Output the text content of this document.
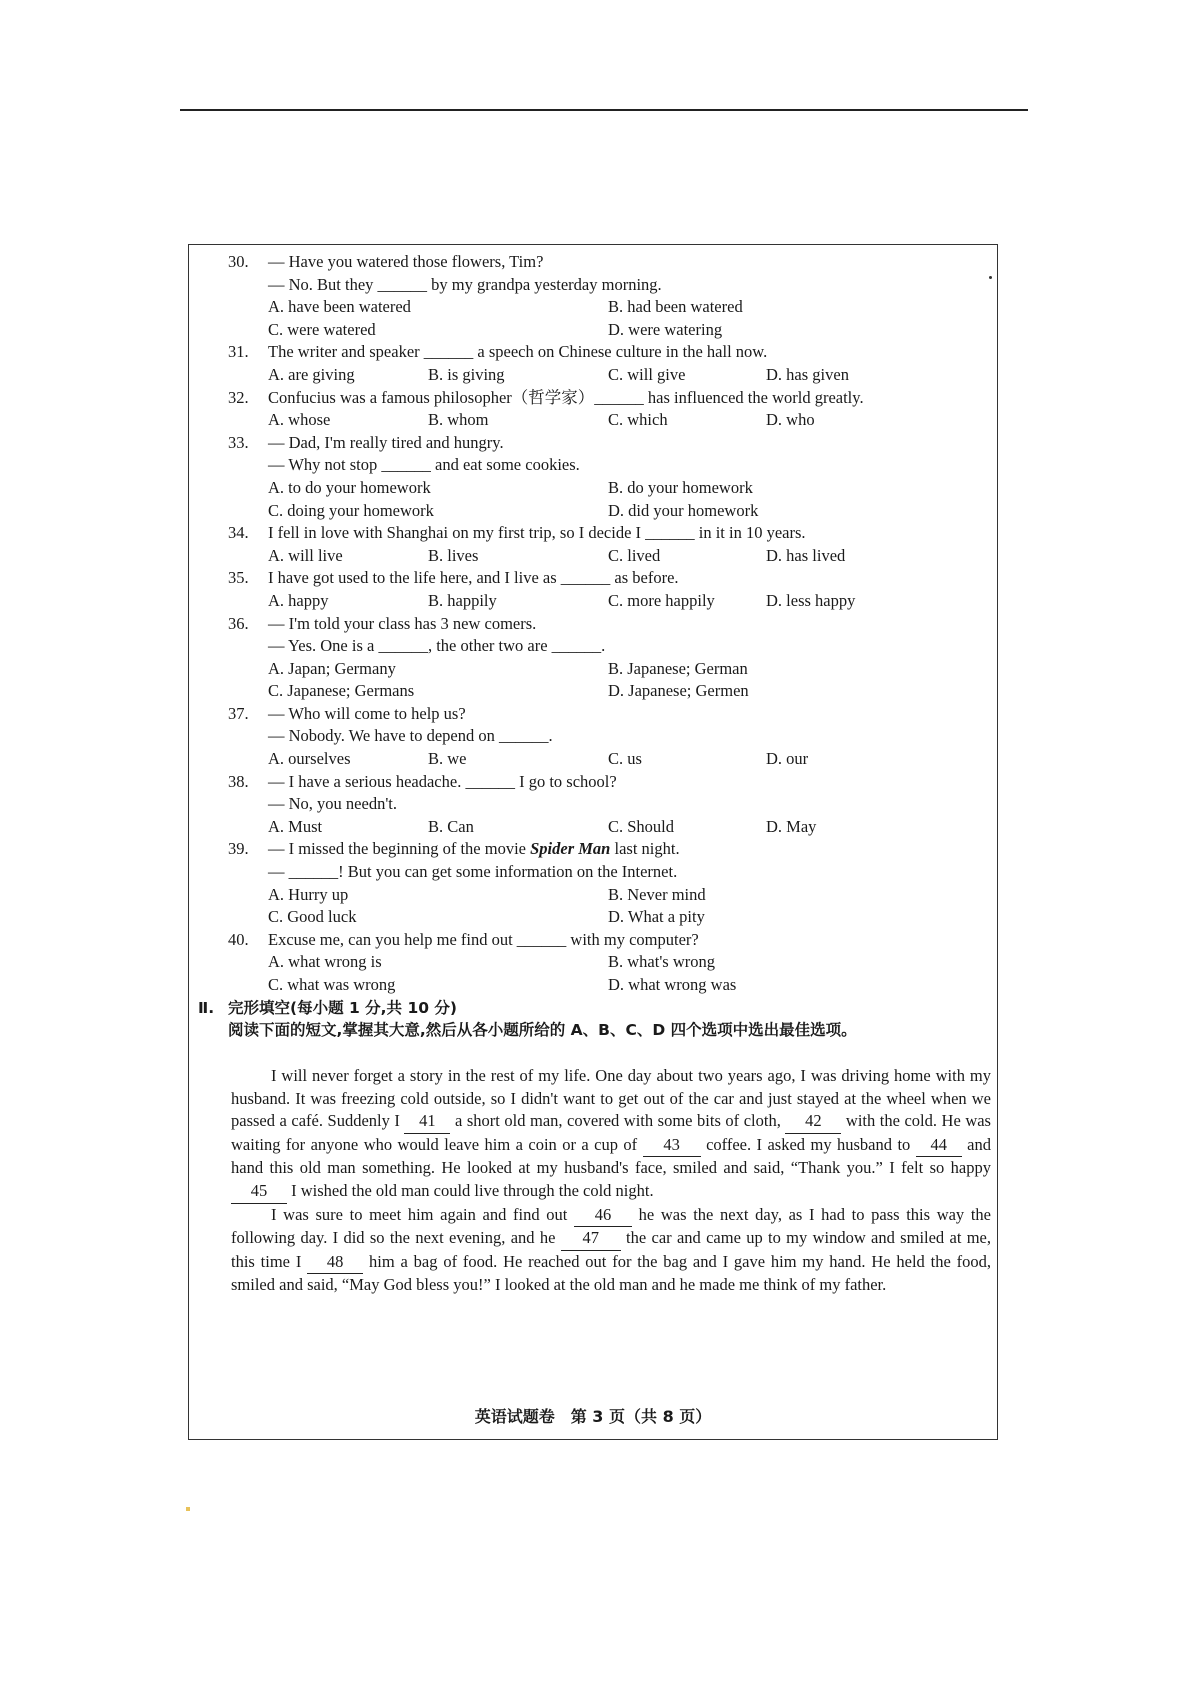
30. — Have you watered those flowers, Tim?
— No. But they ______ by my grandpa yesterday morning.
A. have been watered	B. had been watered
C. were watered	D. were watering
31. The writer and speaker ______ a speech on Chinese culture in the hall now.
A. are giving	B. is giving	C. will give	D. has given
32. Confucius was a famous philosopher（哲学家）______ has influenced the world greatly.
A. whose	B. whom	C. which	D. who
33. — Dad, I'm really tired and hungry.
— Why not stop ______ and eat some cookies.
A. to do your homework	B. do your homework
C. doing your homework	D. did your homework
34. I fell in love with Shanghai on my first trip, so I decide I ______ in it in 10 years.
A. will live	B. lives	C. lived	D. has lived
35. I have got used to the life here, and I live as ______ as before.
A. happy	B. happily	C. more happily	D. less happy
36. — I'm told your class has 3 new comers.
— Yes. One is a ______, the other two are ______.
A. Japan; Germany	B. Japanese; German
C. Japanese; Germans	D. Japanese; Germen
37. — Who will come to help us?
— Nobody. We have to depend on ______.
A. ourselves	B. we	C. us	D. our
38. — I have a serious headache. ______ I go to school?
— No, you needn't.
A. Must	B. Can	C. Should	D. May
39. — I missed the beginning of the movie Spider Man last night.
— ______! But you can get some information on the Internet.
A. Hurry up	B. Never mind
C. Good luck	D. What a pity
40. Excuse me, can you help me find out ______ with my computer?
A. what wrong is	B. what's wrong
C. what was wrong	D. what wrong was
Ⅱ. 完形填空(每小题 1 分,共 10 分)
阅读下面的短文,掌握其大意,然后从各小题所给的 A、B、C、D 四个选项中选出最佳选项。

I will never forget a story in the rest of my life. One day about two years ago, I was driving home with my husband. It was freezing cold outside, so I didn't want to get out of the car and just stayed at the wheel when we passed a café. Suddenly I 41 a short old man, covered with some bits of cloth, 42 with the cold. He was waiting for anyone who would leave him a coin or a cup of 43 coffee. I asked my husband to 44 and hand this old man something. He looked at my husband's face, smiled and said, “Thank you.” I felt so happy 45 I wished the old man could live through the cold night.

I was sure to meet him again and find out 46 he was the next day, as I had to pass this way the following day. I did so the next evening, and he 47 the car and came up to my window and smiled at me, this time I 48 him a bag of food. He reached out for the bag and I gave him my hand. He held the food, smiled and said, “May God bless you!” I looked at the old man and he made me think of my father.

英语试题卷　第 3 页（共 8 页）
